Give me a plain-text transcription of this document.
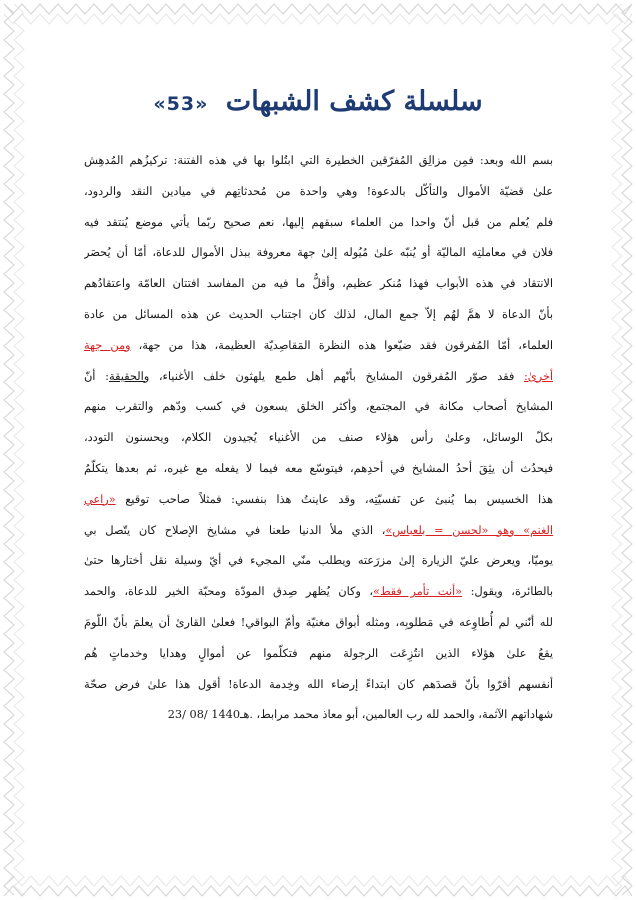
سلسلة كشف الشبهات «53»
بسم الله وبعد: فمِن مزالِق المُفرّقين الخطيرة التي ابتُلوا بها في هذه الفتنة: تركيزُهم المُدهِش
علىٰ قضيّة الأموال والتأكّل بالدعوة! وهي واحدة من مُحدثاتِهم في ميادين النقد والردود،
فلم يُعلم من قبل أنّ واحدا من العلماء سبقهم إليها، نعم صحيح ربّما يأتي موضع يُنتقد فيه
فلان في معاملتِه الماليّة أو يُنبّه علىٰ مُيُوله إلىٰ جهة معروفة ببذل الأموال للدعاة، أمّا أن يُحصَر
الانتقاد في هذه الأبواب فهذا مُنكر عظيم، وأقلُّ ما فيه من المفاسد افتتان العامّة واعتقادُهم
بأنّ الدعاة لا همَّ لهُم إلاّ جمع المال، لذلك كان اجتناب الحديث عن هذه المسائل من عادة
العلماء، أمّا المُفرقون فقد ضيّعوا هذه النظرة المَقاصِديّة العظيمة، هذا من جهة، ومن جهة
أخرىٰ: فقد صوّر المُفرقون المشايخ بأنّهم أهل طمع يلهثون خلف الأغنياء، والحقيقة: أنّ
المشايخ أصحاب مكانة في المجتمع، وأكثر الخلق يسعون في كسب ودّهم والتقرب منهم
بكلّ الوسائل، وعلىٰ رأس هؤلاء صنف من الأغنياء يُجيدون الكلام، ويحسنون التودد،
فيحدُث أن يثِقَ أحدُ المشايخ في أحدِهم، فيتوسّع معه فيما لا يفعله مع غيره، ثم بعدها يتكلّمُ
هذا الخسيس بما يُنبئ عن نَفسيّتِه، وقد عاينتُ هذا بنفسي: فمثلاً صاحب توقيع «راعي
الغنم» وهو «لحسن = بلعباس»، الذي ملأ الدنيا طعنا في مشايخ الإصلاح كان يتّصل بي
يوميّا، ويعرض عليّ الزيارة إلىٰ مزرَعته ويطلب منّي المجيء في أيّ وسيلة نقل أختارها حتىٰ
بالطائرة، ويقول: «أنت تأمر فقط»، وكان يُظهر صِدق المودّة ومحبّة الخير للدعاة، والحمد
لله أنّني لم أُطاوِعه في مَطلوبِه، ومثله أبواق مغنيّة وأمّ البواقي! فعلىٰ القارئ أن يعلمَ بأنّ اللّومَ
يقعُ علىٰ هؤلاء الذين انتُزِعَت الرجولة منهم فتكلّموا عن أموالٍ وهدايا وخدماتٍ هُم
أنفسهم أقرّوا بأنّ قصدَهم كان ابتداءً إرضاء الله وخِدمة الدعاة! أقول هذا علىٰ فرض صحّة
شهاداتهم الآثمة، والحمد لله رب العالمين، أبو معاذ محمد مرابط، 23/ 08/ 1440هـ.
